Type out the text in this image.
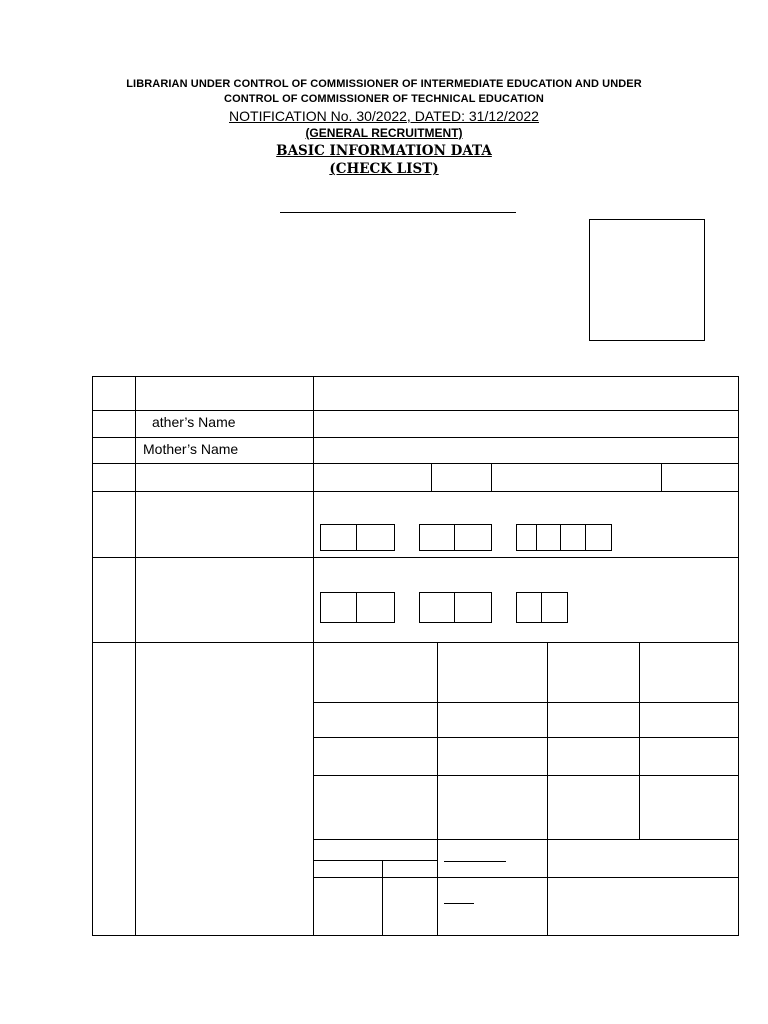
LIBRARIAN UNDER CONTROL OF COMMISSIONER OF INTERMEDIATE EDUCATION AND UNDER
CONTROL OF COMMISSIONER OF TECHNICAL EDUCATION
NOTIFICATION No. 30/2022, DATED: 31/12/2022
(GENERAL RECRUITMENT)
BASIC INFORMATION DATA
(CHECK LIST)
ather’s Name
Mother’s Name
